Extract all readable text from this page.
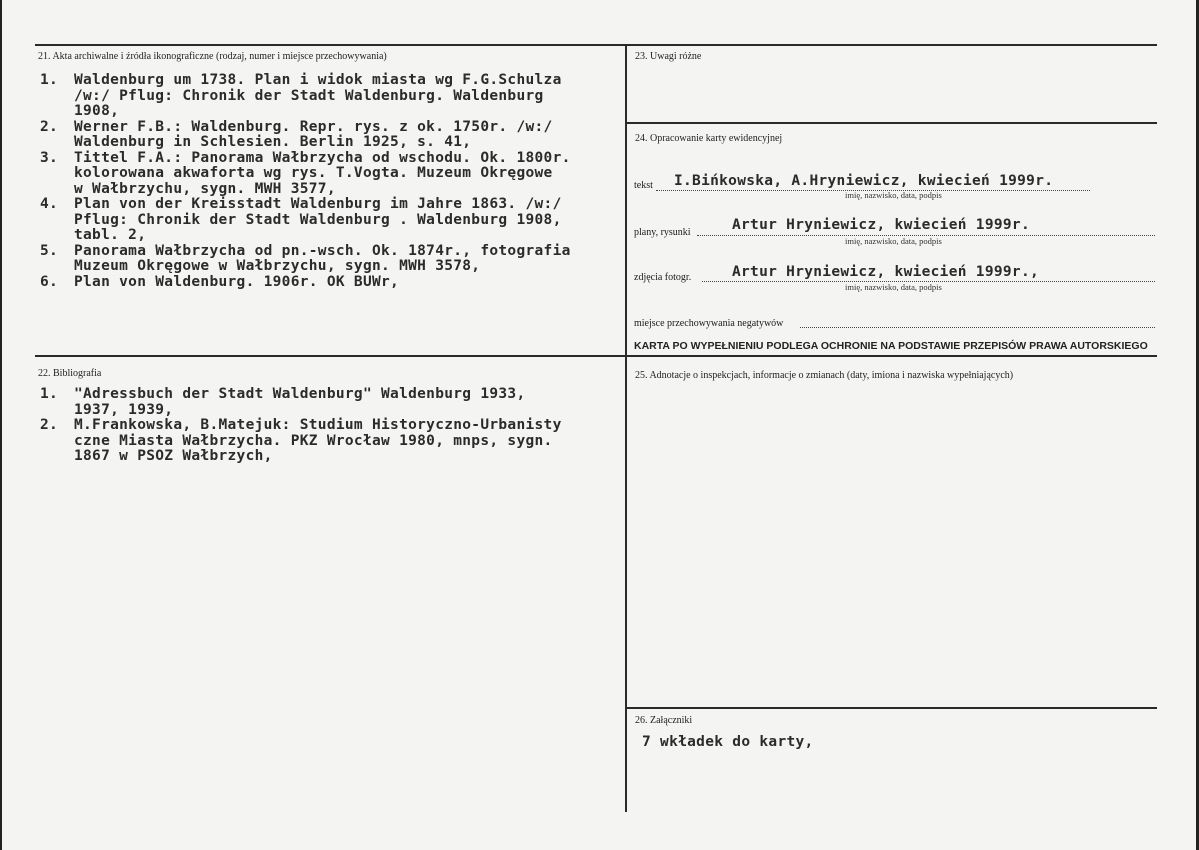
21. Akta archiwalne i źródła ikonograficzne (rodzaj, numer i miejsce przechowywania)
1. Waldenburg um 1738. Plan i widok miasta wg F.G.Schulza
/w:/ Pflug: Chronik der Stadt Waldenburg. Waldenburg
1908,
2. Werner F.B.: Waldenburg. Repr. rys. z ok. 1750r. /w:/
Waldenburg in Schlesien. Berlin 1925, s. 41,
3. Tittel F.A.: Panorama Wałbrzycha od wschodu. Ok. 1800r.
kolorowana akwaforta wg rys. T.Vogta. Muzeum Okręgowe
w Wałbrzychu, sygn. MWH 3577,
4. Plan von der Kreisstadt Waldenburg im Jahre 1863. /w:/
Pflug: Chronik der Stadt Waldenburg . Waldenburg 1908,
tabl. 2,
5. Panorama Wałbrzycha od pn.-wsch. Ok. 1874r., fotografia
Muzeum Okręgowe w Wałbrzychu, sygn. MWH 3578,
6. Plan von Waldenburg. 1906r. OK BUWr,
22. Bibliografia
1. "Adressbuch der Stadt Waldenburg" Waldenburg 1933,
1937, 1939,
2. M.Frankowska, B.Matejuk: Studium Historyczno-Urbanisty
czne Miasta Wałbrzycha. PKZ Wrocław 1980, mnps, sygn.
1867 w PSOZ Wałbrzych,
23. Uwagi różne
24. Opracowanie karty ewidencyjnej
tekst I.Bińkowska, A.Hryniewicz, kwiecień 1999r.
imię, nazwisko, data, podpis
plany, rysunki	Artur Hryniewicz, kwiecień 1999r.
imię, nazwisko, data, podpis
zdjęcia fotogr.	Artur Hryniewicz, kwiecień 1999r.,
imię, nazwisko, data, podpis
miejsce przechowywania negatywów
KARTA PO WYPEŁNIENIU PODLEGA OCHRONIE NA PODSTAWIE PRZEPISÓW PRAWA AUTORSKIEGO
25. Adnotacje o inspekcjach, informacje o zmianach (daty, imiona i nazwiska wypełniających)
26. Załączniki
7 wkładek do karty,
